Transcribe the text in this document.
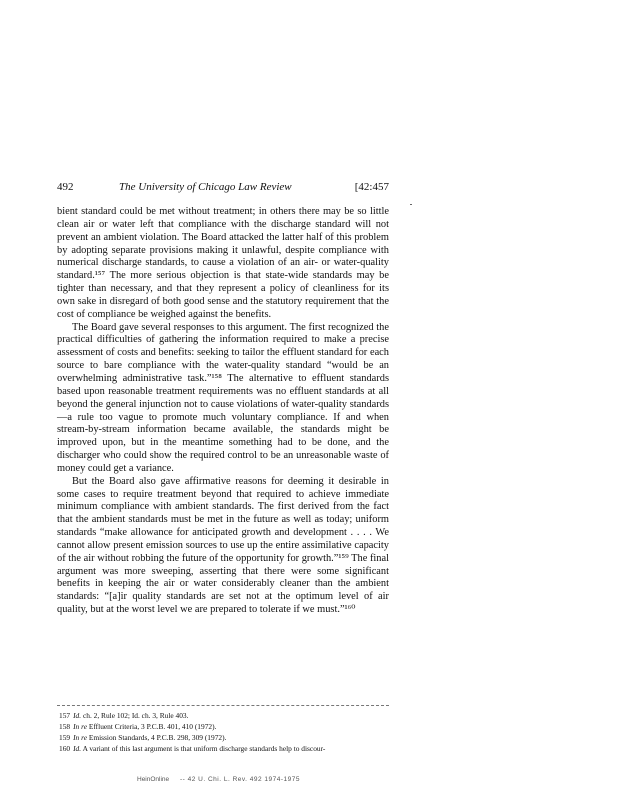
492	The University of Chicago Law Review	[42:457

bient standard could be met without treatment; in others there may be so little clean air or water left that compliance with the discharge standard will not prevent an ambient violation. The Board attacked the latter half of this problem by adopting separate provisions making it unlawful, despite compliance with numerical discharge standards, to cause a violation of an air- or water-quality standard.¹⁵⁷ The more serious objection is that state-wide standards may be tighter than necessary, and that they represent a policy of cleanliness for its own sake in disregard of both good sense and the statutory requirement that the cost of compliance be weighed against the benefits.

The Board gave several responses to this argument. The first recognized the practical difficulties of gathering the information required to make a precise assessment of costs and benefits: seeking to tailor the effluent standard for each source to bare compliance with the water-quality standard “would be an overwhelming administrative task.”¹⁵⁸ The alternative to effluent standards based upon reasonable treatment requirements was no effluent standards at all beyond the general injunction not to cause violations of water-quality standards—a rule too vague to promote much voluntary compliance. If and when stream-by-stream information became available, the standards might be improved upon, but in the meantime something had to be done, and the discharger who could show the required control to be an unreasonable waste of money could get a variance.

But the Board also gave affirmative reasons for deeming it desirable in some cases to require treatment beyond that required to achieve immediate minimum compliance with ambient standards. The first derived from the fact that the ambient standards must be met in the future as well as today; uniform standards “make allowance for anticipated growth and development . . . . We cannot allow present emission sources to use up the entire assimilative capacity of the air without robbing the future of the opportunity for growth.”¹⁵⁹ The final argument was more sweeping, asserting that there were some significant benefits in keeping the air or water considerably cleaner than the ambient standards: “[a]ir quality standards are set not at the optimum level of air quality, but at the worst level we are prepared to tolerate if we must.”¹⁶⁰

157 Id. ch. 2, Rule 102; Id. ch. 3, Rule 403.

158 In re Effluent Criteria, 3 P.C.B. 401, 410 (1972).

159 In re Emission Standards, 4 P.C.B. 298, 309 (1972).

160 Id. A variant of this last argument is that uniform discharge standards help to discour-

HeinOnline -- 42 U. Chi. L. Rev. 492 1974-1975
